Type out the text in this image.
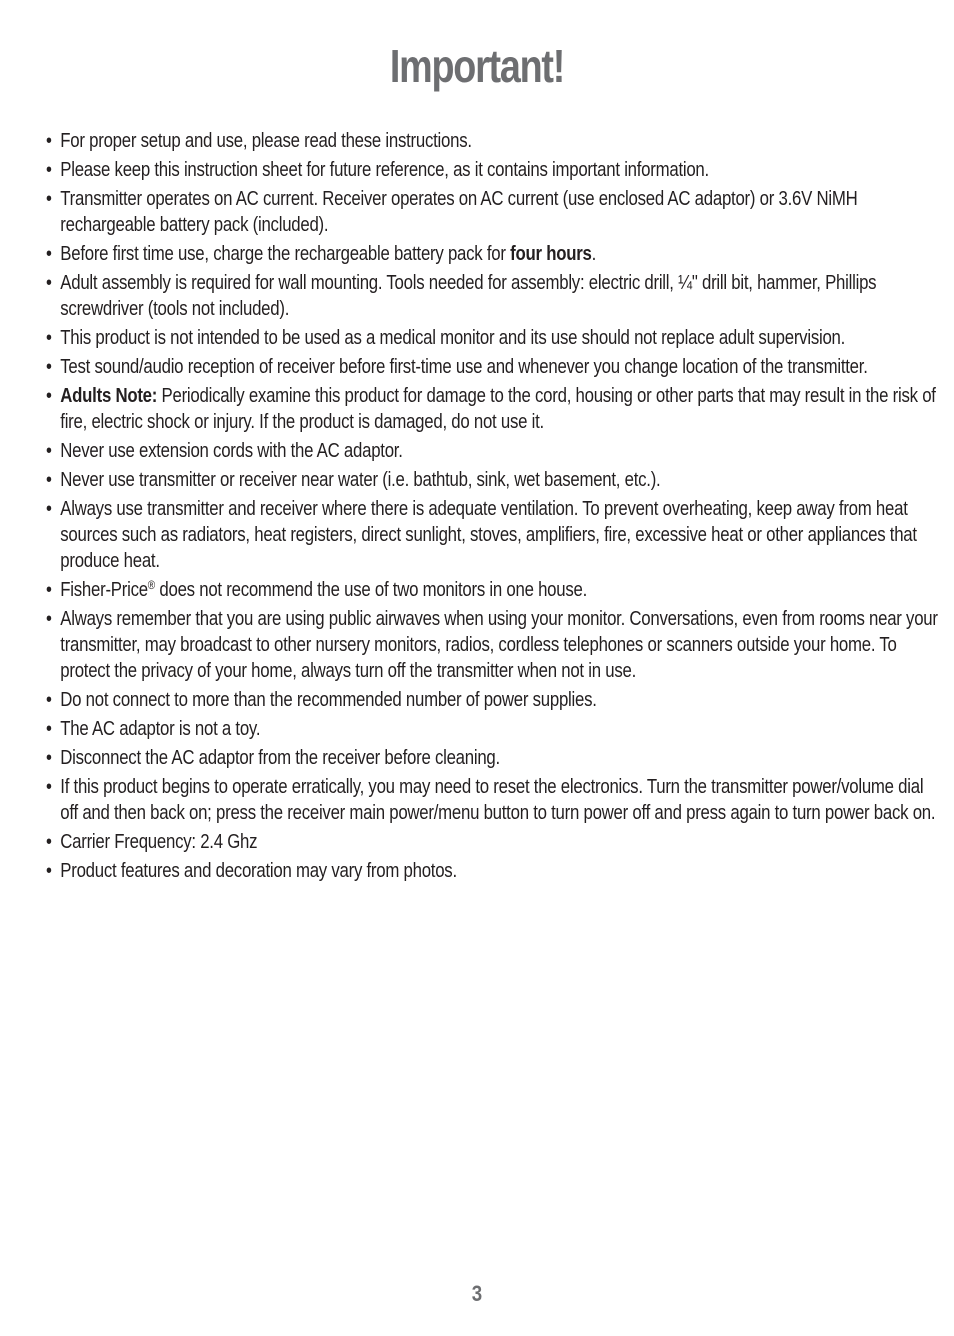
Important!
• For proper setup and use, please read these instructions.
• Please keep this instruction sheet for future reference, as it contains important information.
• Transmitter operates on AC current. Receiver operates on AC current (use enclosed AC adaptor) or 3.6V NiMH rechargeable battery pack (included).
• Before first time use, charge the rechargeable battery pack for four hours.
• Adult assembly is required for wall mounting. Tools needed for assembly: electric drill, ¼" drill bit, hammer, Phillips screwdriver (tools not included).
• This product is not intended to be used as a medical monitor and its use should not replace adult supervision.
• Test sound/audio reception of receiver before first-time use and whenever you change location of the transmitter.
• Adults Note: Periodically examine this product for damage to the cord, housing or other parts that may result in the risk of fire, electric shock or injury. If the product is damaged, do not use it.
• Never use extension cords with the AC adaptor.
• Never use transmitter or receiver near water (i.e. bathtub, sink, wet basement, etc.).
• Always use transmitter and receiver where there is adequate ventilation. To prevent overheating, keep away from heat sources such as radiators, heat registers, direct sunlight, stoves, amplifiers, fire, excessive heat or other appliances that produce heat.
• Fisher-Price® does not recommend the use of two monitors in one house.
• Always remember that you are using public airwaves when using your monitor. Conversations, even from rooms near your transmitter, may broadcast to other nursery monitors, radios, cordless telephones or scanners outside your home. To protect the privacy of your home, always turn off the transmitter when not in use.
• Do not connect to more than the recommended number of power supplies.
• The AC adaptor is not a toy.
• Disconnect the AC adaptor from the receiver before cleaning.
• If this product begins to operate erratically, you may need to reset the electronics. Turn the transmitter power/volume dial off and then back on; press the receiver main power/menu button to turn power off and press again to turn power back on.
• Carrier Frequency: 2.4 Ghz
• Product features and decoration may vary from photos.
3
